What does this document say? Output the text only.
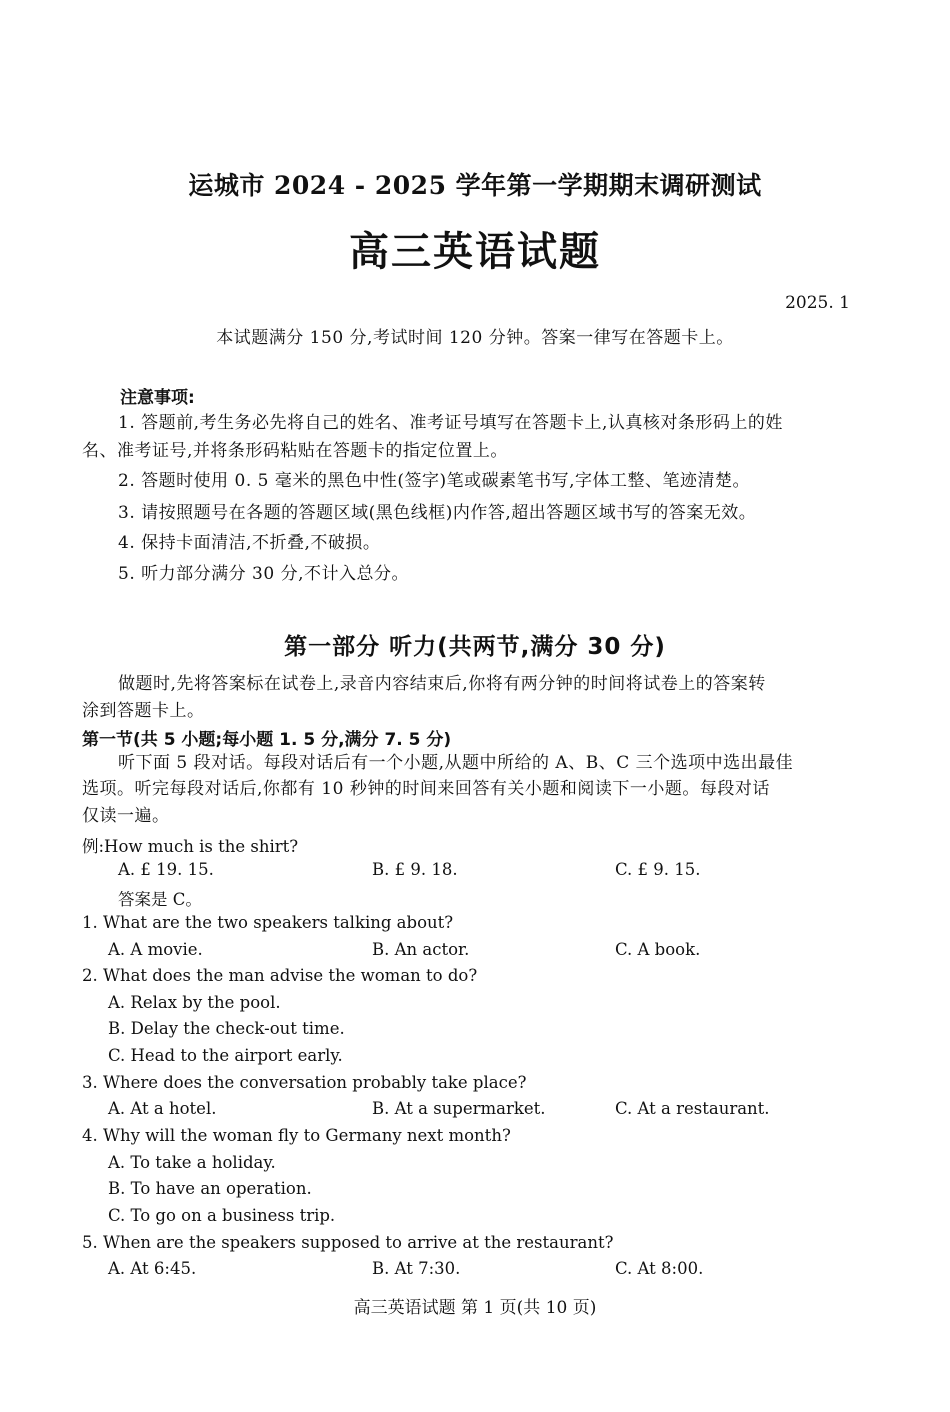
运城市 2024 - 2025 学年第一学期期末调研测试
高三英语试题
2025. 1
本试题满分 150 分,考试时间 120 分钟。答案一律写在答题卡上。
注意事项:
1. 答题前,考生务必先将自己的姓名、准考证号填写在答题卡上,认真核对条形码上的姓
名、准考证号,并将条形码粘贴在答题卡的指定位置上。
2. 答题时使用 0. 5 毫米的黑色中性(签字)笔或碳素笔书写,字体工整、笔迹清楚。
3. 请按照题号在各题的答题区域(黑色线框)内作答,超出答题区域书写的答案无效。
4. 保持卡面清洁,不折叠,不破损。
5. 听力部分满分 30 分,不计入总分。
第一部分 听力(共两节,满分 30 分)
做题时,先将答案标在试卷上,录音内容结束后,你将有两分钟的时间将试卷上的答案转
涂到答题卡上。
第一节(共 5 小题;每小题 1. 5 分,满分 7. 5 分)
听下面 5 段对话。每段对话后有一个小题,从题中所给的 A、B、C 三个选项中选出最佳
选项。听完每段对话后,你都有 10 秒钟的时间来回答有关小题和阅读下一小题。每段对话
仅读一遍。
例:How much is the shirt?
A. £ 19. 15.	B. £ 9. 18.	C. £ 9. 15.
答案是 C。
1. What are the two speakers talking about?
A. A movie.	B. An actor.	C. A book.
2. What does the man advise the woman to do?
A. Relax by the pool.
B. Delay the check-out time.
C. Head to the airport early.
3. Where does the conversation probably take place?
A. At a hotel.	B. At a supermarket.	C. At a restaurant.
4. Why will the woman fly to Germany next month?
A. To take a holiday.
B. To have an operation.
C. To go on a business trip.
5. When are the speakers supposed to arrive at the restaurant?
A. At 6:45.	B. At 7:30.	C. At 8:00.
高三英语试题 第 1 页(共 10 页)
